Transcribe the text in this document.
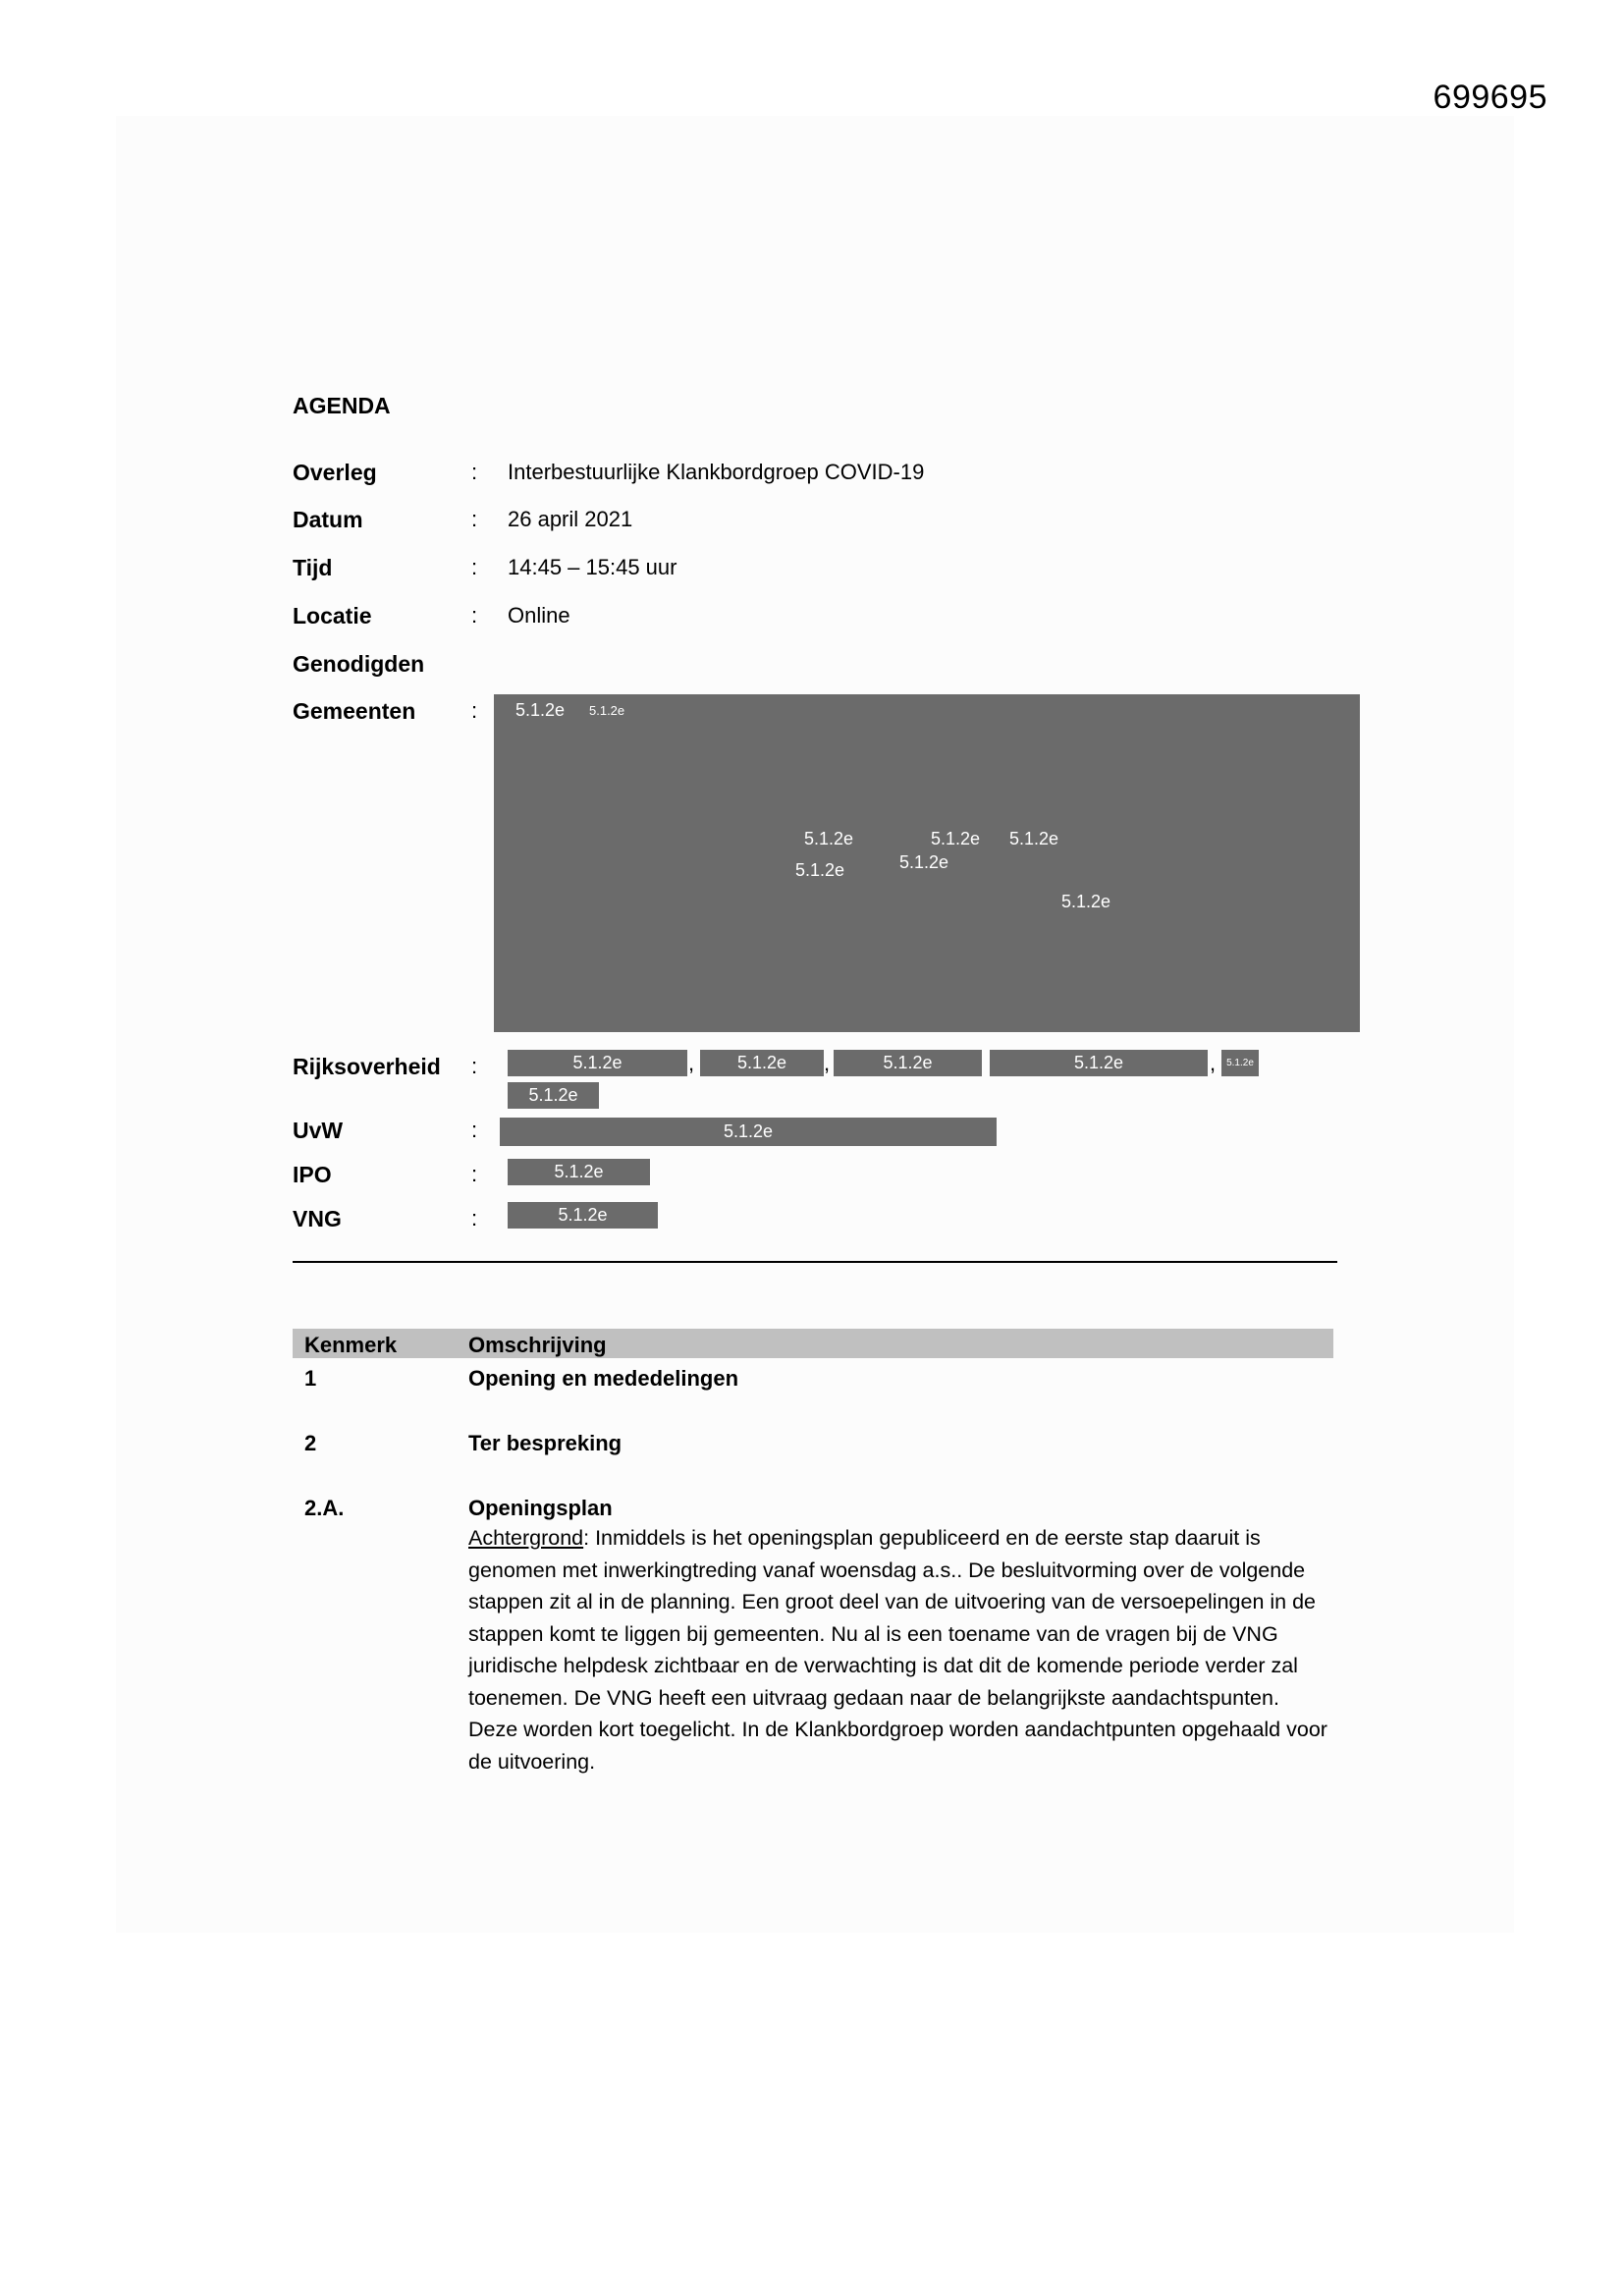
699695
AGENDA
Overleg	: Interbestuurlijke Klankbordgroep COVID-19
Datum	: 26 april 2021
Tijd	: 14:45 – 15:45 uur
Locatie	: Online
Genodigden
Gemeenten	: 5.1.2e 5.1.2e
5.1.2e	5.1.2e 5.1.2e
5.1.2e	5.1.2e
5.1.2e
Rijksoverheid :	5.1.2e	,	5.1.2e	,	5.1.2e	5.1.2e	,	5.1.2e
5.1.2e
UvW	:	5.1.2e
IPO	:	5.1.2e
VNG	:	5.1.2e
Kenmerk	Omschrijving
1	Opening en mededelingen
2	Ter bespreking
2.A.	Openingsplan
Achtergrond: Inmiddels is het openingsplan gepubliceerd en de eerste stap daaruit is genomen met inwerkingtreding vanaf woensdag a.s.. De besluitvorming over de volgende stappen zit al in de planning. Een groot deel van de uitvoering van de versoepelingen in de stappen komt te liggen bij gemeenten. Nu al is een toename van de vragen bij de VNG juridische helpdesk zichtbaar en de verwachting is dat dit de komende periode verder zal toenemen. De VNG heeft een uitvraag gedaan naar de belangrijkste aandachtspunten. Deze worden kort toegelicht. In de Klankbordgroep worden aandachtpunten opgehaald voor de uitvoering.
